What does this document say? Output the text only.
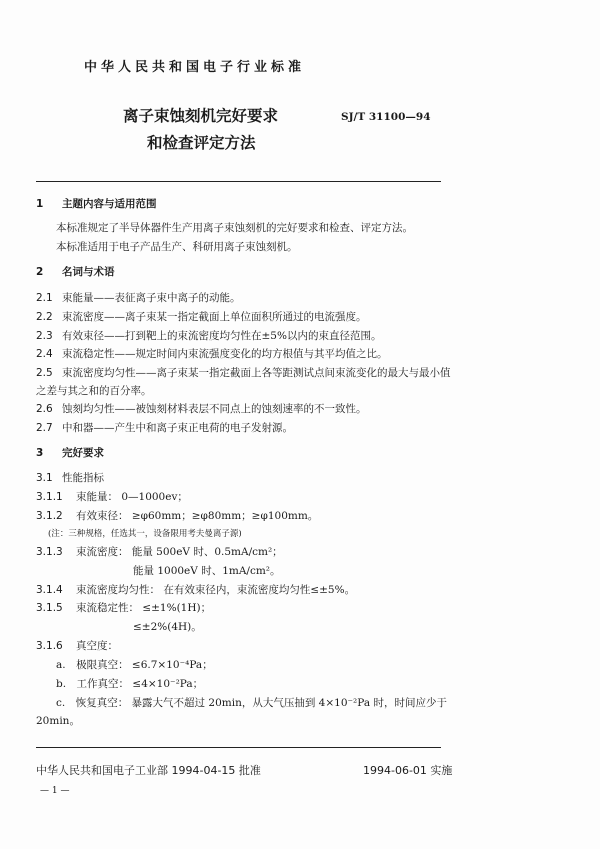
中华人民共和国电子行业标准
离子束蚀刻机完好要求
和检查评定方法
SJ/T 31100—94
1 主题内容与适用范围
本标准规定了半导体器件生产用离子束蚀刻机的完好要求和检查、评定方法。
本标准适用于电子产品生产、科研用离子束蚀刻机。
2 名词与术语
2.1 束能量——表征离子束中离子的动能。
2.2 束流密度——离子束某一指定截面上单位面积所通过的电流强度。
2.3 有效束径——打到靶上的束流密度均匀性在±5%以内的束直径范围。
2.4 束流稳定性——规定时间内束流强度变化的均方根值与其平均值之比。
2.5 束流密度均匀性——离子束某一指定截面上各等距测试点间束流变化的最大与最小值
之差与其之和的百分率。
2.6 蚀刻均匀性——被蚀刻材料表层不同点上的蚀刻速率的不一致性。
2.7 中和器——产生中和离子束正电荷的电子发射源。
3 完好要求
3.1 性能指标
3.1.1 束能量： 0—1000ev；
3.1.2 有效束径： ≥φ60mm；≥φ80mm；≥φ100mm。
(注：三种规格，任选其一，设备限用考夫曼离子源)
3.1.3 束流密度： 能量 500eV 时、0.5mA/cm²；
能量 1000eV 时、1mA/cm²。
3.1.4 束流密度均匀性： 在有效束径内，束流密度均匀性≤±5%。
3.1.5 束流稳定性： ≤±1%(1H)；
≤±2%(4H)。
3.1.6 真空度：
a.　极限真空： ≤6.7×10⁻⁴Pa；
b.　工作真空： ≤4×10⁻²Pa；
c.　恢复真空： 暴露大气不超过 20min，从大气压抽到 4×10⁻²Pa 时，时间应少于
20min。
中华人民共和国电子工业部 1994-04-15 批准	1994-06-01 实施
— 1 —
